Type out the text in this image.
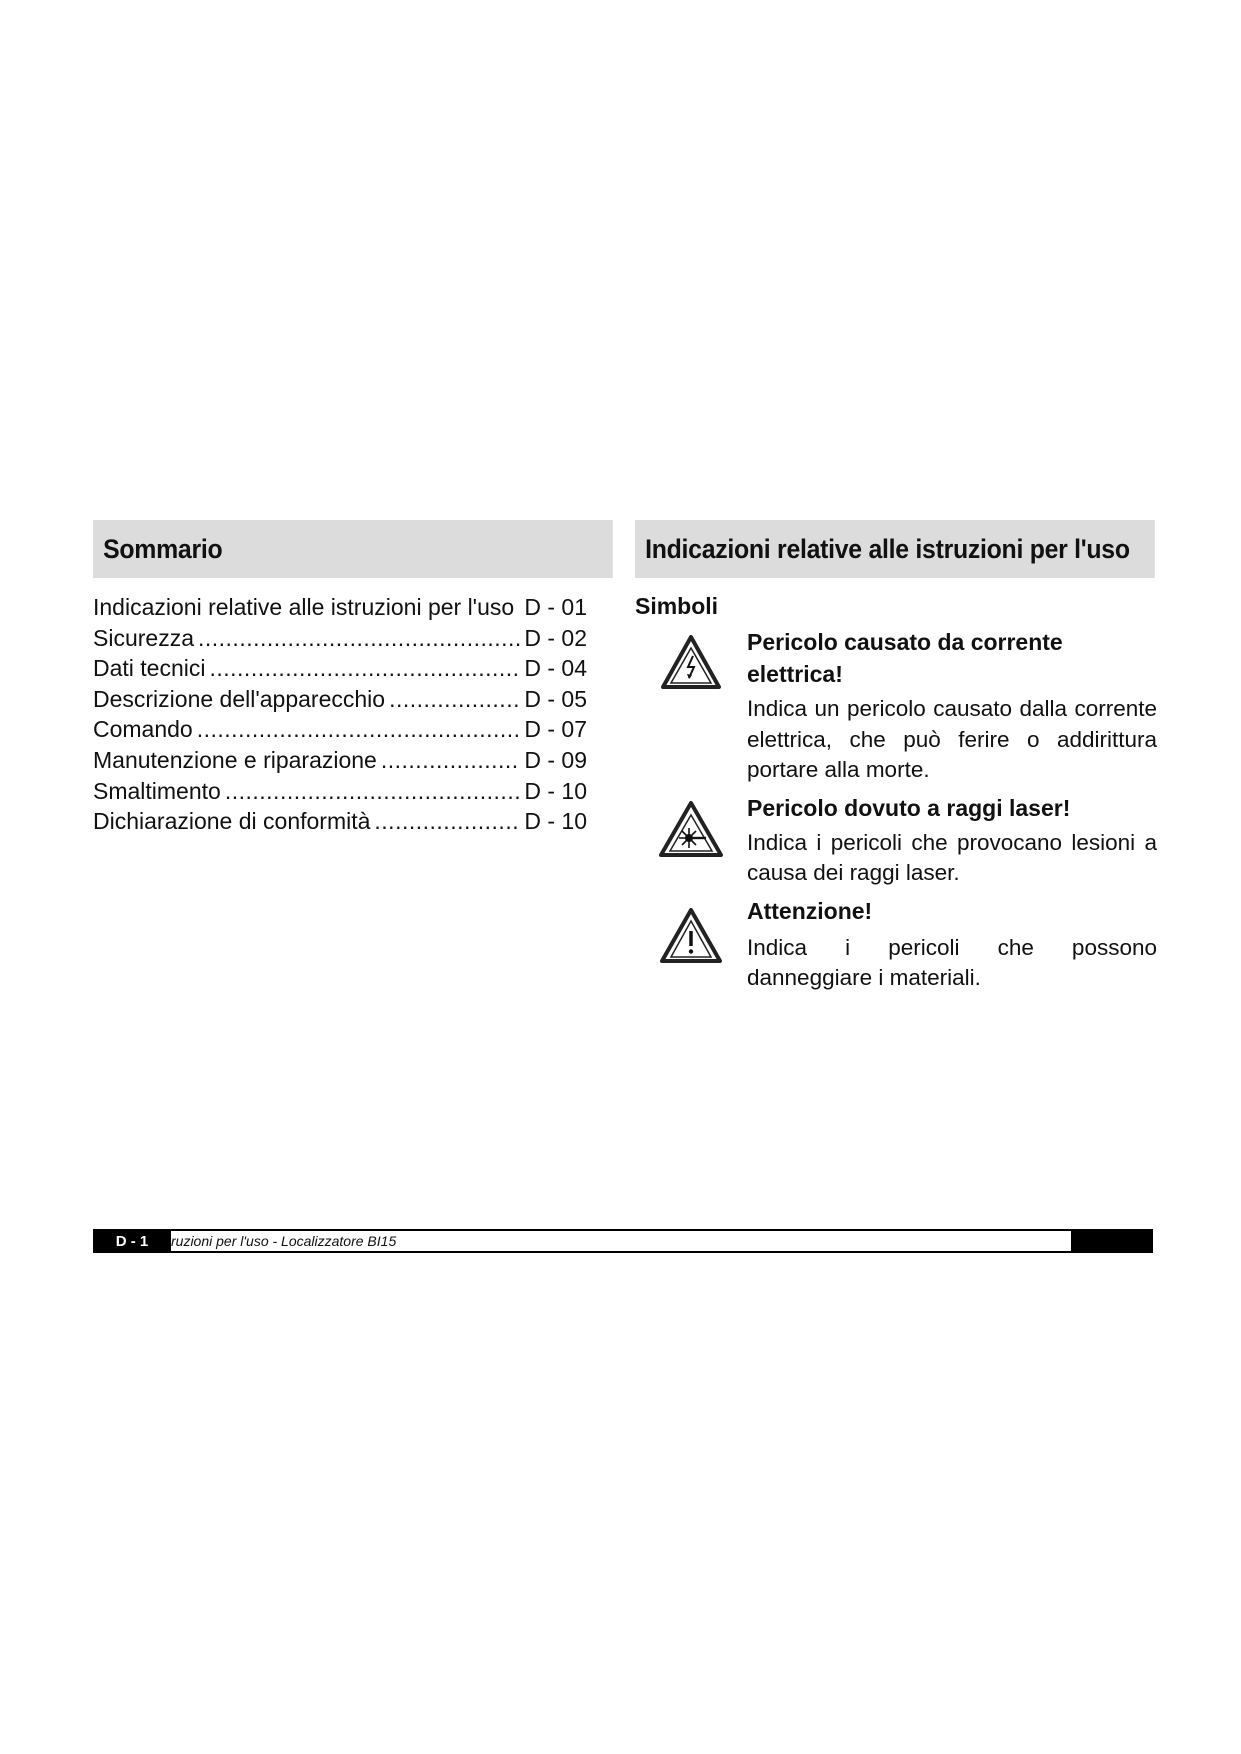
Sommario
Indicazioni relative alle istruzioni per l'uso ..... D - 01
Sicurezza .....	D - 02
Dati tecnici .....	D - 04
Descrizione dell'apparecchio .....	D - 05
Comando .....	D - 07
Manutenzione e riparazione .....	D - 09
Smaltimento .....	D - 10
Dichiarazione di conformità .....	D - 10
Indicazioni relative alle istruzioni per l'uso
Simboli
Pericolo causato da corrente elettrica!
Indica un pericolo causato dalla corrente elettrica, che può ferire o addirittura portare alla morte.
Pericolo dovuto a raggi laser!
Indica i pericoli che provocano lesioni a causa dei raggi laser.
Attenzione!
Indica i pericoli che possono danneggiare i materiali.
D - 1	ruzioni per l'uso - Localizzatore BI15
